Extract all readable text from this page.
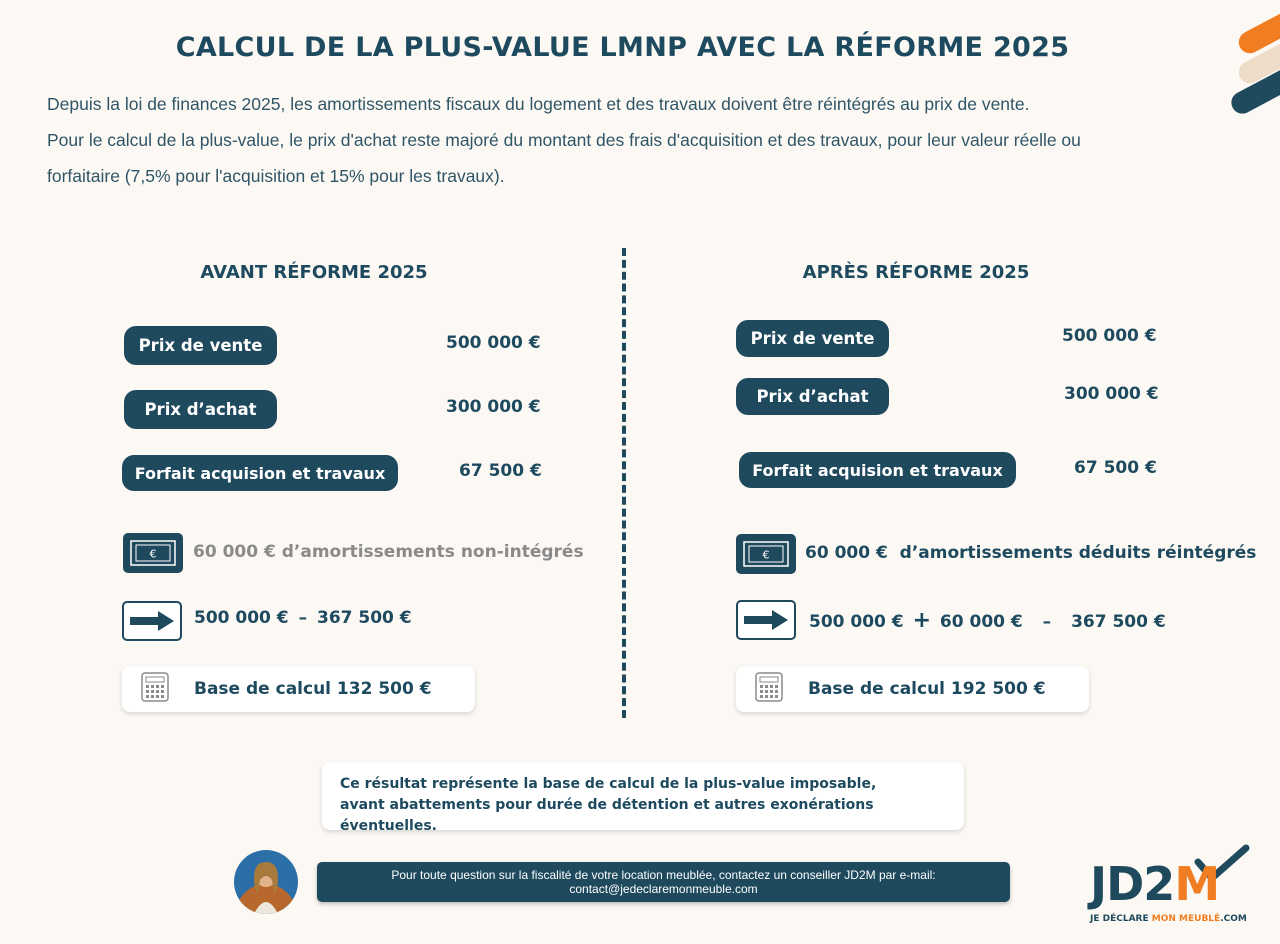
CALCUL DE LA PLUS-VALUE LMNP AVEC LA RÉFORME 2025

Depuis la loi de finances 2025, les amortissements fiscaux du logement et des travaux doivent être réintégrés au prix de vente.

Pour le calcul de la plus-value, le prix d'achat reste majoré du montant des frais d'acquisition et des travaux, pour leur valeur réelle ou

forfaitaire (7,5% pour l'acquisition et 15% pour les travaux).

AVANT RÉFORME 2025
Prix de vente	500 000 €
Prix d’achat	300 000 €
Forfait acquision et travaux	67 500 €
€ 60 000 € d’amortissements non-intégrés
500 000 € – 367 500 €
Base de calcul 132 500 €
APRÈS RÉFORME 2025
Prix de vente	500 000 €
Prix d’achat	300 000 €
Forfait acquision et travaux	67 500 €
€ 60 000 €  d’amortissements déduits réintégrés
500 000 € + 60 000 € – 367 500 €
Base de calcul 192 500 €
Ce résultat représente la base de calcul de la plus-value imposable,
avant abattements pour durée de détention et autres exonérations éventuelles.
Pour toute question sur la fiscalité de votre location meublée, contactez un conseiller JD2M par e-mail:
contact@jedeclaremonmeuble.com	JD2M
JE DÉCLARE MON MEUBLÉ.COM
